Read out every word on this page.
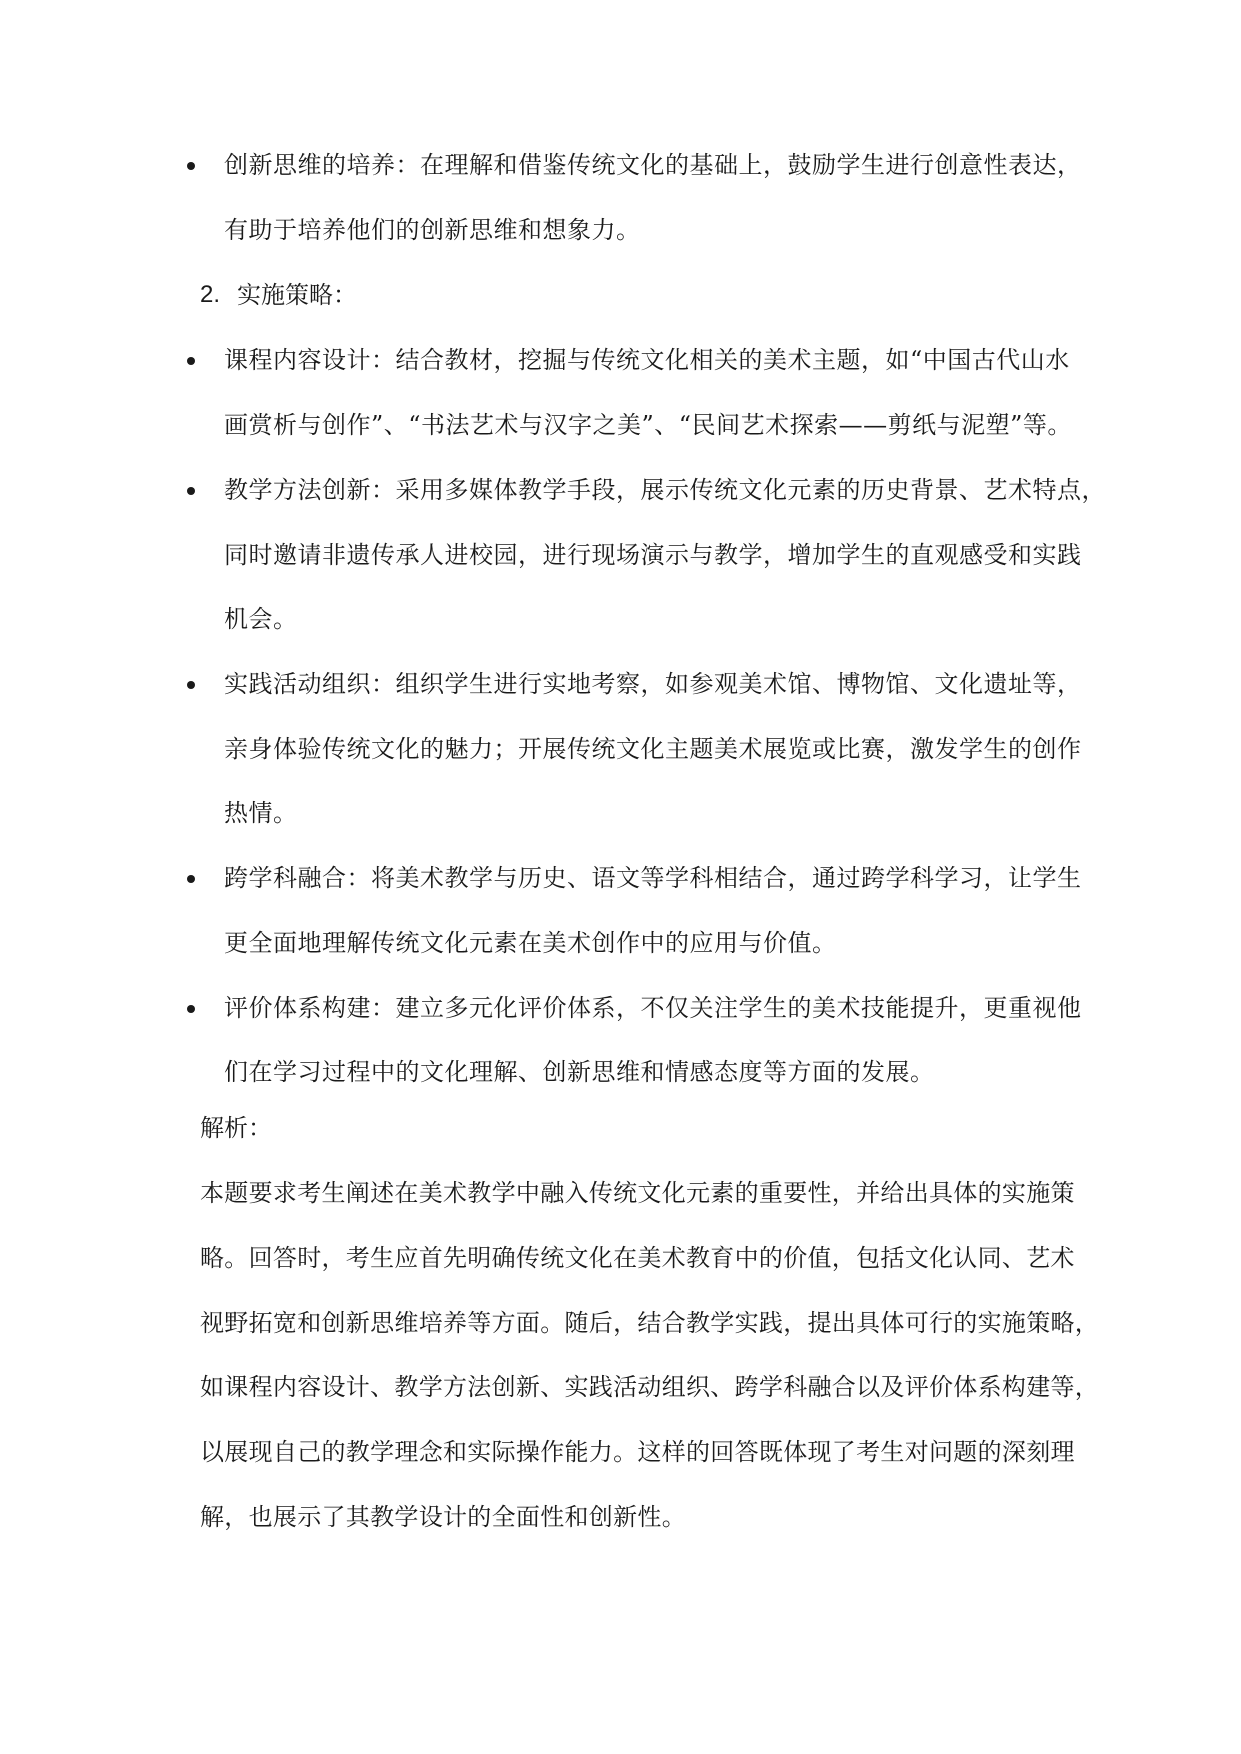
创新思维的培养：在理解和借鉴传统文化的基础上，鼓励学生进行创意性表达，
有助于培养他们的创新思维和想象力。
2. 实施策略：
课程内容设计：结合教材，挖掘与传统文化相关的美术主题，如“中国古代山水
画赏析与创作”、“书法艺术与汉字之美”、“民间艺术探索——剪纸与泥塑”等。
教学方法创新：采用多媒体教学手段，展示传统文化元素的历史背景、艺术特点，
同时邀请非遗传承人进校园，进行现场演示与教学，增加学生的直观感受和实践
机会。
实践活动组织：组织学生进行实地考察，如参观美术馆、博物馆、文化遗址等，
亲身体验传统文化的魅力；开展传统文化主题美术展览或比赛，激发学生的创作
热情。
跨学科融合：将美术教学与历史、语文等学科相结合，通过跨学科学习，让学生
更全面地理解传统文化元素在美术创作中的应用与价值。
评价体系构建：建立多元化评价体系，不仅关注学生的美术技能提升，更重视他
们在学习过程中的文化理解、创新思维和情感态度等方面的发展。
解析：
本题要求考生阐述在美术教学中融入传统文化元素的重要性，并给出具体的实施策
略。回答时，考生应首先明确传统文化在美术教育中的价值，包括文化认同、艺术
视野拓宽和创新思维培养等方面。随后，结合教学实践，提出具体可行的实施策略，
如课程内容设计、教学方法创新、实践活动组织、跨学科融合以及评价体系构建等，
以展现自己的教学理念和实际操作能力。这样的回答既体现了考生对问题的深刻理
解，也展示了其教学设计的全面性和创新性。
